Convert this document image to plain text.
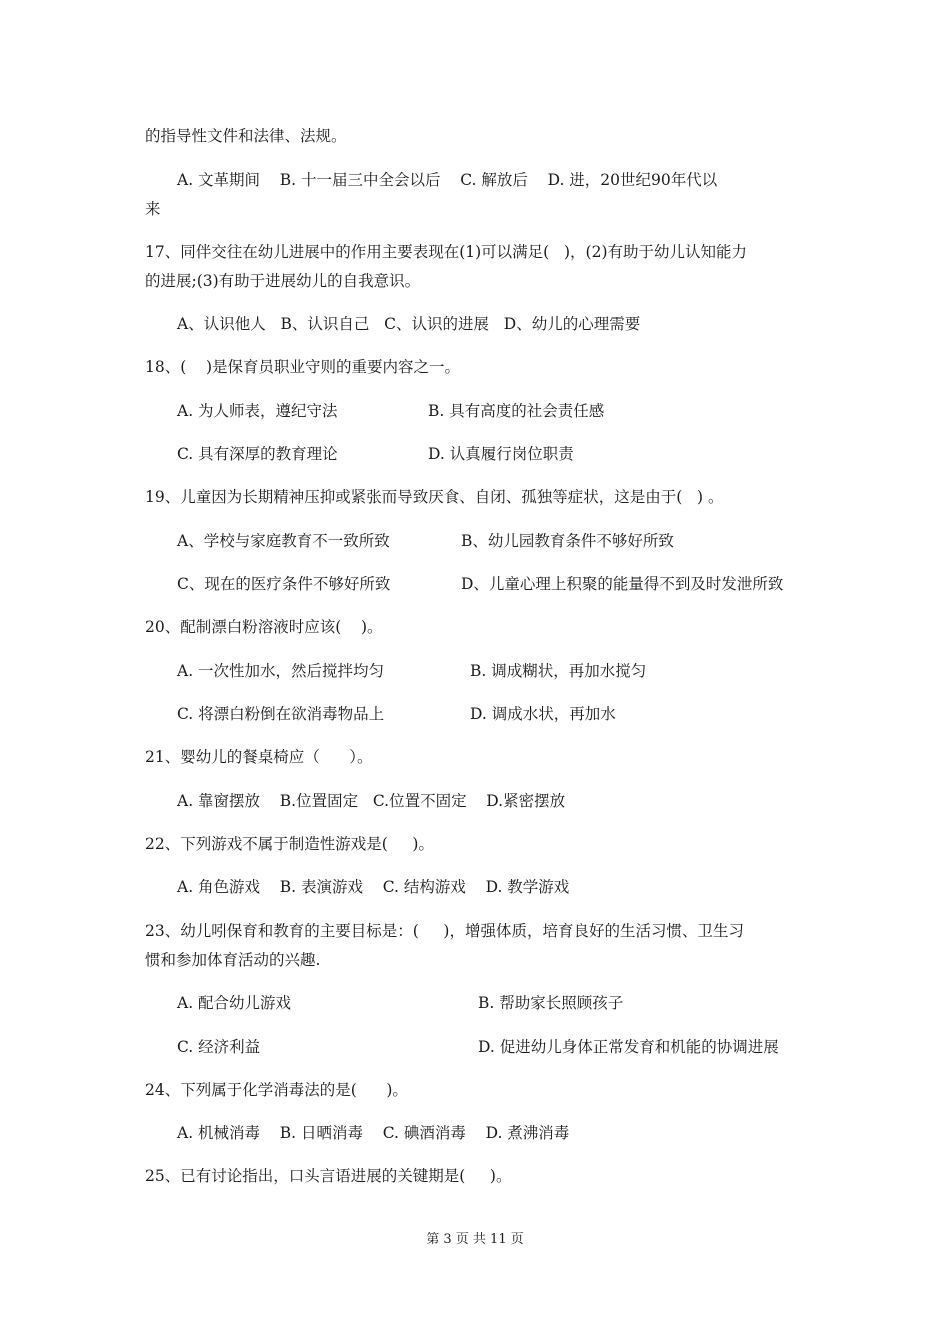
的指导性文件和法律、法规。
A. 文革期间    B. 十一届三中全会以后    C. 解放后    D. 进，20世纪90年代以
来
17、同伴交往在幼儿进展中的作用主要表现在(1)可以满足(   )，(2)有助于幼儿认知能力
的进展;(3)有助于进展幼儿的自我意识。
A、认识他人   B、认识自己   C、认识的进展   D、幼儿的心理需要
18、(    )是保育员职业守则的重要内容之一。
A. 为人师表，遵纪守法	B. 具有高度的社会责任感
C. 具有深厚的教育理论	D. 认真履行岗位职责
19、儿童因为长期精神压抑或紧张而导致厌食、自闭、孤独等症状，这是由于(   ) 。
A、学校与家庭教育不一致所致	B、幼儿园教育条件不够好所致
C、现在的医疗条件不够好所致	D、儿童心理上积聚的能量得不到及时发泄所致
20、配制漂白粉溶液时应该(    )。
A. 一次性加水，然后搅拌均匀	B. 调成糊状，再加水搅匀
C. 将漂白粉倒在欲消毒物品上	D. 调成水状，再加水
21、婴幼儿的餐桌椅应（      ）。
A. 靠窗摆放    B.位置固定   C.位置不固定    D.紧密摆放
22、下列游戏不属于制造性游戏是(     )。
A. 角色游戏    B. 表演游戏    C. 结构游戏    D. 教学游戏
23、幼儿吲保育和教育的主要目标是：(     )，增强体质，培育良好的生活习惯、卫生习
惯和参加体育活动的兴趣.
A. 配合幼儿游戏	B. 帮助家长照顾孩子
C. 经济利益	D. 促进幼儿身体正常发育和机能的协调进展
24、下列属于化学消毒法的是(      )。
A. 机械消毒    B. 日晒消毒    C. 碘酒消毒    D. 煮沸消毒
25、已有讨论指出，口头言语进展的关键期是(     )。
第 3 页 共 11 页
